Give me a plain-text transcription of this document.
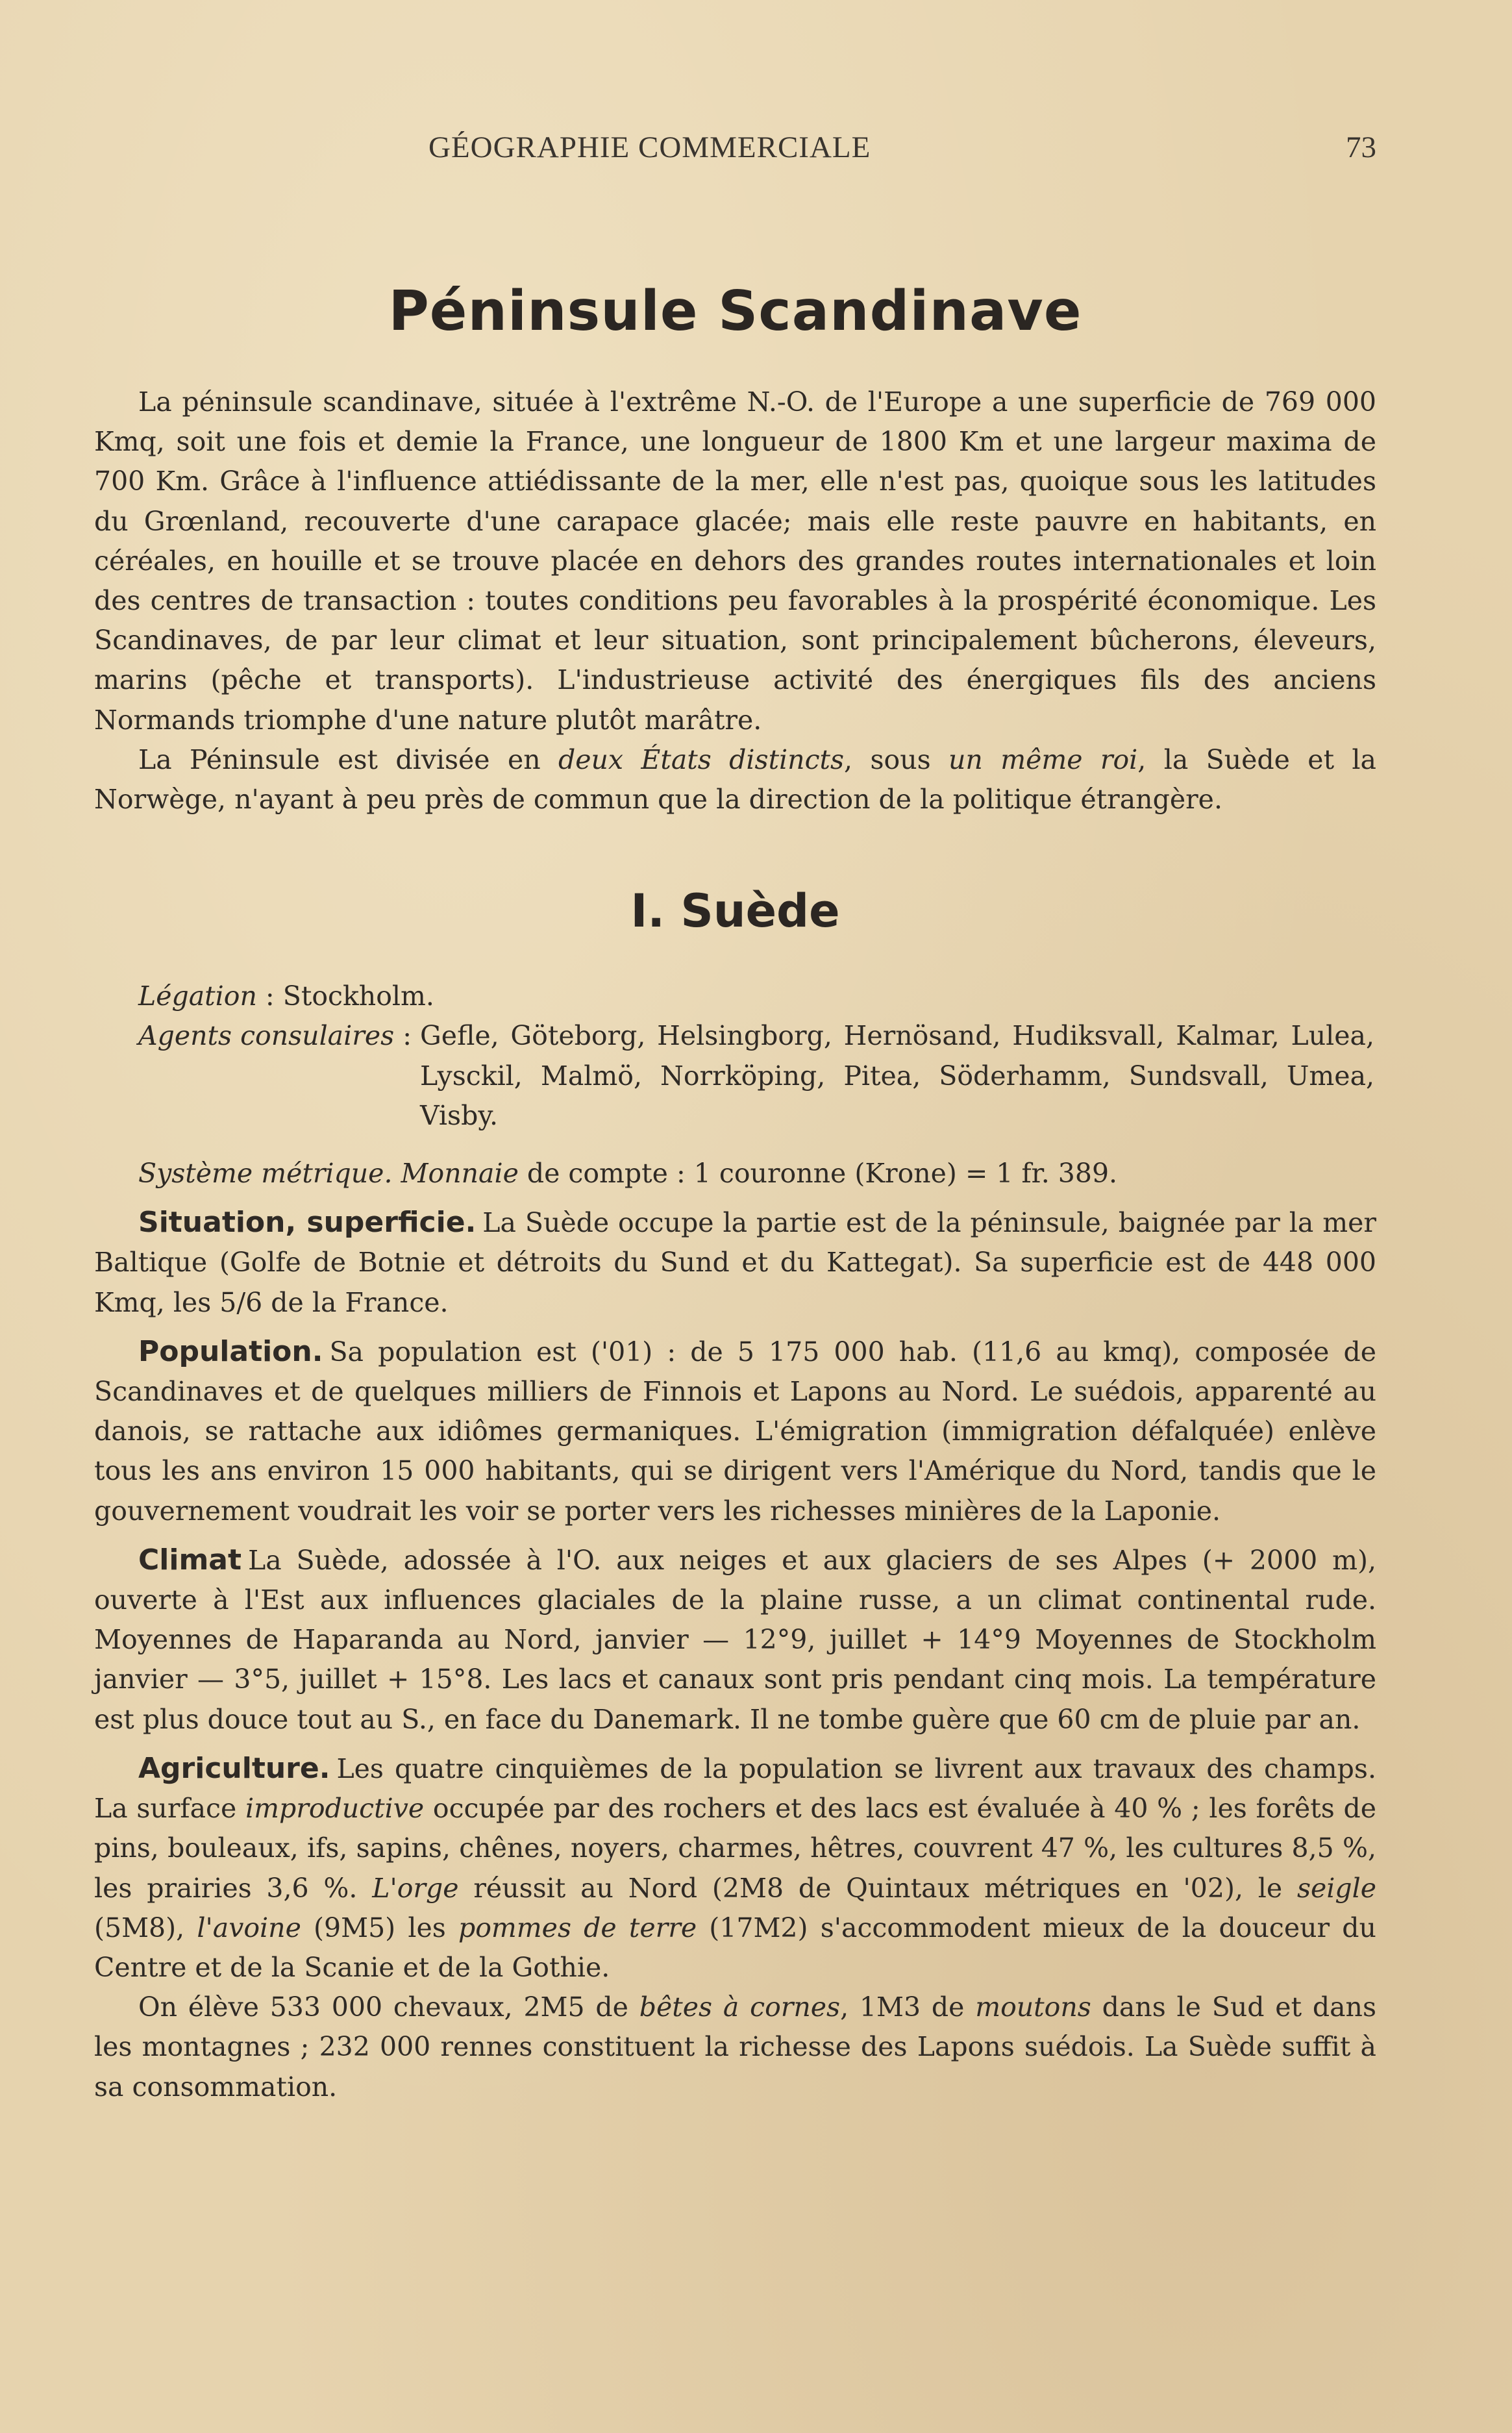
GÉOGRAPHIE COMMERCIALE	73
Péninsule Scandinave

La péninsule scandinave, située à l'extrême N.-O. de l'Europe a une superficie de 769 000 Kmq, soit une fois et demie la France, une longueur de 1800 Km et une largeur maxima de 700 Km. Grâce à l'influence attiédissante de la mer, elle n'est pas, quoique sous les latitudes du Grœnland, recouverte d'une carapace glacée; mais elle reste pauvre en habitants, en céréales, en houille et se trouve placée en dehors des grandes routes internationales et loin des centres de transaction : toutes conditions peu favorables à la prospérité économique. Les Scandinaves, de par leur climat et leur situation, sont principalement bûcherons, éleveurs, marins (pêche et transports). L'industrieuse activité des énergiques fils des anciens Normands triomphe d'une nature plutôt marâtre.

La Péninsule est divisée en deux États distincts, sous un même roi, la Suède et la Norwège, n'ayant à peu près de commun que la direction de la politique étrangère.

I. Suède
Légation : Stockholm.
Agents consulaires : Gefle, Göteborg, Helsingborg, Hernösand, Hudiksvall, Kalmar, Lulea, Lysckil, Malmö, Norrköping, Pitea, Söderhamm, Sundsvall, Umea, Visby.
Système métrique. Monnaie de compte : 1 couronne (Krone) = 1 fr. 389.

Situation, superficie. La Suède occupe la partie est de la péninsule, baignée par la mer Baltique (Golfe de Botnie et détroits du Sund et du Kattegat). Sa superficie est de 448 000 Kmq, les 5/6 de la France.

Population. Sa population est ('01) : de 5 175 000 hab. (11,6 au kmq), composée de Scandinaves et de quelques milliers de Finnois et Lapons au Nord. Le suédois, apparenté au danois, se rattache aux idiômes germaniques. L'émigration (immigration défalquée) enlève tous les ans environ 15 000 habitants, qui se dirigent vers l'Amérique du Nord, tandis que le gouvernement voudrait les voir se porter vers les richesses minières de la Laponie.

Climat La Suède, adossée à l'O. aux neiges et aux glaciers de ses Alpes (+ 2000 m), ouverte à l'Est aux influences glaciales de la plaine russe, a un climat continental rude. Moyennes de Haparanda au Nord, janvier — 12°9, juillet + 14°9 Moyennes de Stockholm janvier — 3°5, juillet + 15°8. Les lacs et canaux sont pris pendant cinq mois. La température est plus douce tout au S., en face du Danemark. Il ne tombe guère que 60 cm de pluie par an.

Agriculture. Les quatre cinquièmes de la population se livrent aux travaux des champs. La surface improductive occupée par des rochers et des lacs est évaluée à 40 % ; les forêts de pins, bouleaux, ifs, sapins, chênes, noyers, charmes, hêtres, couvrent 47 %, les cultures 8,5 %, les prairies 3,6 %. L'orge réussit au Nord (2M8 de Quintaux métriques en '02), le seigle (5M8), l'avoine (9M5) les pommes de terre (17M2) s'accommodent mieux de la douceur du Centre et de la Scanie et de la Gothie.

On élève 533 000 chevaux, 2M5 de bêtes à cornes, 1M3 de moutons dans le Sud et dans les montagnes ; 232 000 rennes constituent la richesse des Lapons suédois. La Suède suffit à sa consommation.
